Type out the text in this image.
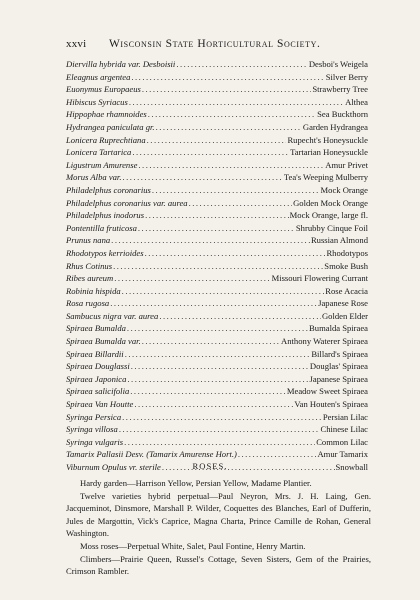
xxvi Wisconsin State Horticultural Society.
Diervilla hybrida var. Desboisii .....	Desboi's Weigela
Eleagnus argentea .....	Silver Berry
Euonymus Europaeus .....	Strawberry Tree
Hibiscus Syriacus .....	Althea
Hippophae rhamnoides .....	Sea Buckthorn
Hydrangea paniculata gr. .....	Garden Hydrangea
Lonicera Ruprechtiana .....	Rupecht's Honeysuckle
Lonicera Tartarica .....	Tartarian Honeysuckle
Ligustrum Amurense .....	Amur Privet
Morus Alba var. .....	Tea's Weeping Mulberry
Philadelphus coronarius .....	Mock Orange
Philadelphus coronarius var. aurea .....	Golden Mock Orange
Philadelphus inodorus .....	Mock Orange, large fl.
Pontentilla fruticosa .....	Shrubby Cinque Foil
Prunus nana .....	Russian Almond
Rhodotypos kerrioides .....	Rhodotypos
Rhus Cotinus .....	Smoke Bush
Ribes aureum .....	Missouri Flowering Currant
Robinia hispida .....	Rose Acacia
Rosa rugosa .....	Japanese Rose
Sambucus nigra var. aurea .....	Golden Elder
Spiraea Bumalda .....	Bumalda Spiraea
Spiraea Bumalda var. .....	Anthony Waterer Spiraea
Spiraea Billardii .....	Billard's Spiraea
Spiraea Douglassi .....	Douglas' Spiraea
Spiraea Japonica .....	Japanese Spiraea
Spiraea salicifolia .....	Meadow Sweet Spiraea
Spiraea Van Houtte .....	Van Houten's Spiraea
Syringa Persica .....	Persian Lilac
Syringa villosa .....	Chinese Lilac
Syringa vulgaris .....	Common Lilac
Tamarix Pallasii Desv. (Tamarix Amurense Hort.) .....	Amur Tamarix
Viburnum Opulus vr. sterile .....	Snowball
ROSES.

Hardy garden—Harrison Yellow, Persian Yellow, Madame Plantier.

Twelve varieties hybrid perpetual—Paul Neyron, Mrs. J. H. Laing, Gen. Jacqueminot, Dinsmore, Marshall P. Wilder, Coquettes des Blanches, Earl of Dufferin, Jules de Margottin, Vick's Caprice, Magna Charta, Prince Camille de Rohan, General Washington.

Moss roses—Perpetual White, Salet, Paul Fontine, Henry Martin.

Climbers—Prairie Queen, Russel's Cottage, Seven Sisters, Gem of the Prairies, Crimson Rambler.
